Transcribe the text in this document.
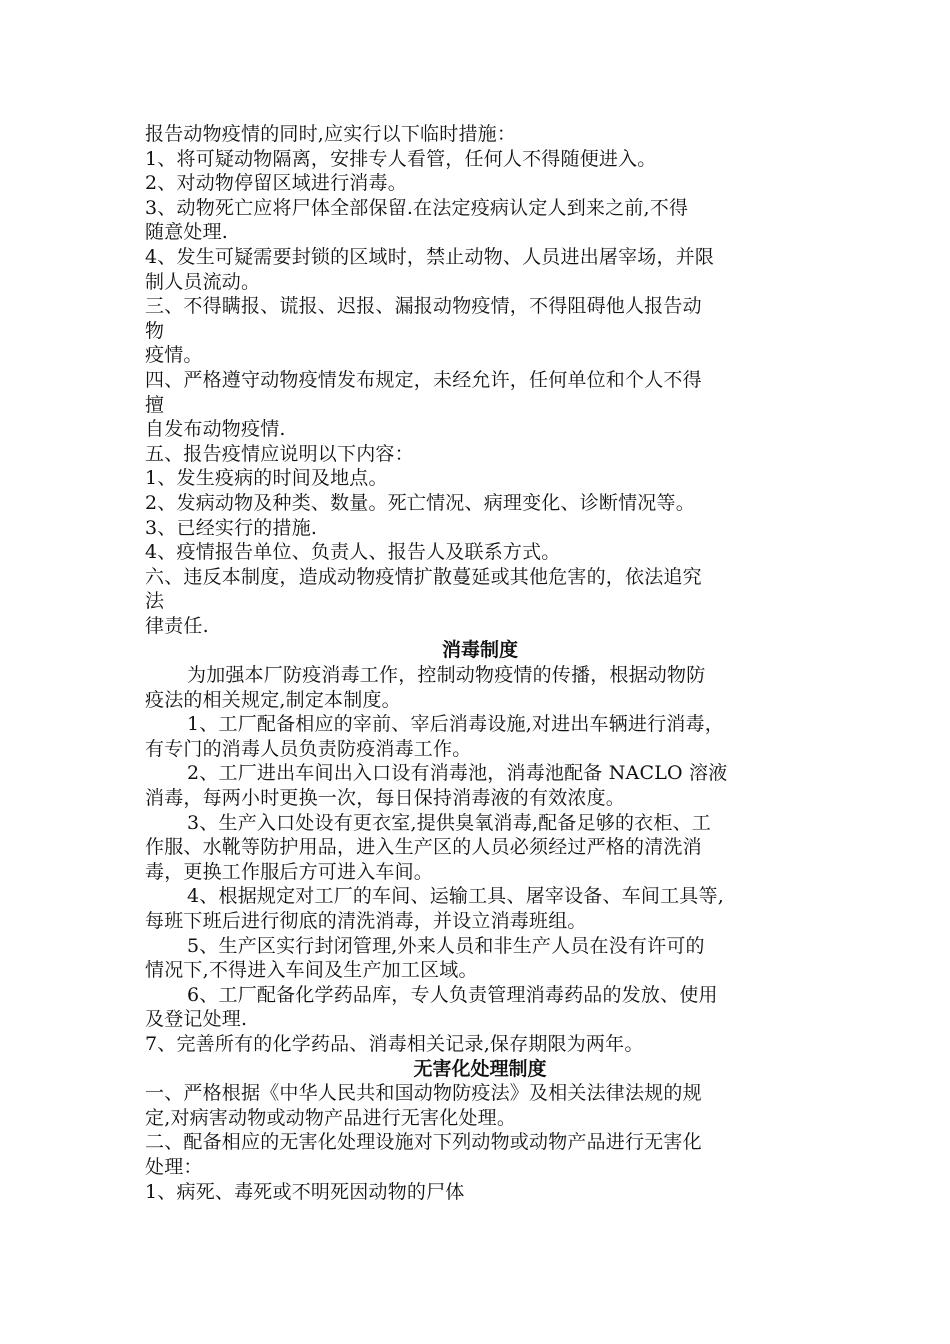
报告动物疫情的同时,应实行以下临时措施：
1、将可疑动物隔离，安排专人看管，任何人不得随便进入。
2、对动物停留区域进行消毒。
3、动物死亡应将尸体全部保留.在法定疫病认定人到来之前,不得
随意处理.
4、发生可疑需要封锁的区域时，禁止动物、人员进出屠宰场，并限
制人员流动。
三、不得瞒报、谎报、迟报、漏报动物疫情，不得阻碍他人报告动
物
疫情。
四、严格遵守动物疫情发布规定，未经允许，任何单位和个人不得
擅
自发布动物疫情.
五、报告疫情应说明以下内容：
1、发生疫病的时间及地点。
2、发病动物及种类、数量。死亡情况、病理变化、诊断情况等。
3、已经实行的措施.
4、疫情报告单位、负责人、报告人及联系方式。
六、违反本制度，造成动物疫情扩散蔓延或其他危害的，依法追究
法
律责任.
消毒制度
为加强本厂防疫消毒工作，控制动物疫情的传播，根据动物防
疫法的相关规定,制定本制度。
1、工厂配备相应的宰前、宰后消毒设施,对进出车辆进行消毒，
有专门的消毒人员负责防疫消毒工作。
2、工厂进出车间出入口设有消毒池，消毒池配备 NACLO 溶液
消毒，每两小时更换一次，每日保持消毒液的有效浓度。
3、生产入口处设有更衣室,提供臭氧消毒,配备足够的衣柜、工
作服、水靴等防护用品，进入生产区的人员必须经过严格的清洗消
毒，更换工作服后方可进入车间。
4、根据规定对工厂的车间、运输工具、屠宰设备、车间工具等,
每班下班后进行彻底的清洗消毒，并设立消毒班组。
5、生产区实行封闭管理,外来人员和非生产人员在没有许可的
情况下,不得进入车间及生产加工区域。
6、工厂配备化学药品库，专人负责管理消毒药品的发放、使用
及登记处理.
7、完善所有的化学药品、消毒相关记录,保存期限为两年。
无害化处理制度
一、严格根据《中华人民共和国动物防疫法》及相关法律法规的规
定,对病害动物或动物产品进行无害化处理。
二、配备相应的无害化处理设施对下列动物或动物产品进行无害化
处理：
1、病死、毒死或不明死因动物的尸体
